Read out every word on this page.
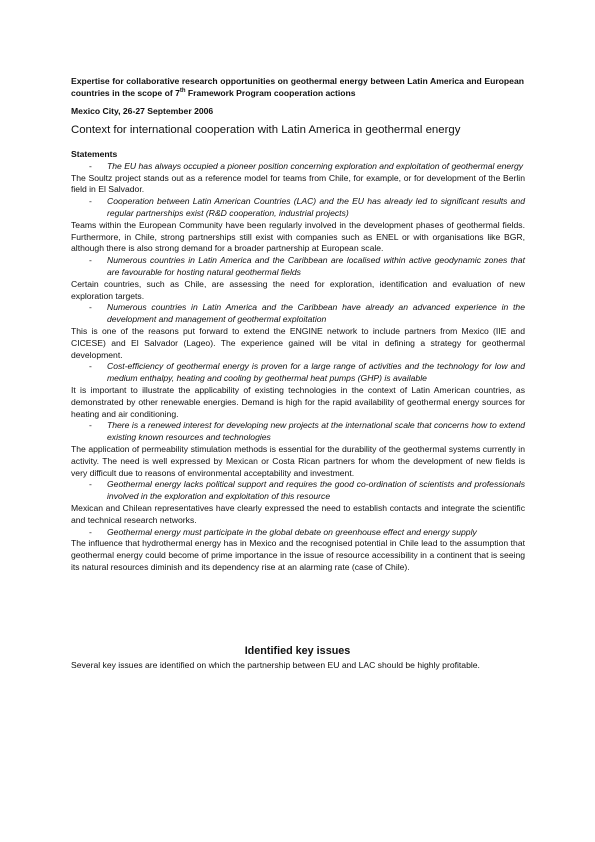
Expertise for collaborative research opportunities on geothermal energy between Latin America and European countries in the scope of 7th Framework Program cooperation actions
Mexico City, 26-27 September 2006
Context for international cooperation with Latin America in geothermal energy
Statements
- The EU has always occupied a pioneer position concerning exploration and exploitation of geothermal energy
The Soultz project stands out as a reference model for teams from Chile, for example, or for development of the Berlin field in El Salvador.
- Cooperation between Latin American Countries (LAC) and the EU has already led to significant results and regular partnerships exist (R&D cooperation, industrial projects)
Teams within the European Community have been regularly involved in the development phases of geothermal fields. Furthermore, in Chile, strong partnerships still exist with companies such as ENEL or with organisations like BGR, although there is also strong demand for a broader partnership at European scale.
- Numerous countries in Latin America and the Caribbean are localised within active geodynamic zones that are favourable for hosting natural geothermal fields
Certain countries, such as Chile, are assessing the need for exploration, identification and evaluation of new exploration targets.
- Numerous countries in Latin America and the Caribbean have already an advanced experience in the development and management of geothermal exploitation
This is one of the reasons put forward to extend the ENGINE network to include partners from Mexico (IIE and CICESE) and El Salvador (Lageo). The experience gained will be vital in defining a strategy for geothermal development.
- Cost-efficiency of geothermal energy is proven for a large range of activities and the technology for low and medium enthalpy, heating and cooling by geothermal heat pumps (GHP) is available
It is important to illustrate the applicability of existing technologies in the context of Latin American countries, as demonstrated by other renewable energies. Demand is high for the rapid availability of geothermal energy sources for heating and air conditioning.
- There is a renewed interest for developing new projects at the international scale that concerns how to extend existing known resources and technologies
The application of permeability stimulation methods is essential for the durability of the geothermal systems currently in activity. The need is well expressed by Mexican or Costa Rican partners for whom the development of new fields is very difficult due to reasons of environmental acceptability and investment.
- Geothermal energy lacks political support and requires the good co-ordination of scientists and professionals involved in the exploration and exploitation of this resource
Mexican and Chilean representatives have clearly expressed the need to establish contacts and integrate the scientific and technical research networks.
- Geothermal energy must participate in the global debate on greenhouse effect and energy supply
The influence that hydrothermal energy has in Mexico and the recognised potential in Chile lead to the assumption that geothermal energy could become of prime importance in the issue of resource accessibility in a continent that is seeing its natural resources diminish and its dependency rise at an alarming rate (case of Chile).
Identified key issues
Several key issues are identified on which the partnership between EU and LAC should be highly profitable.
